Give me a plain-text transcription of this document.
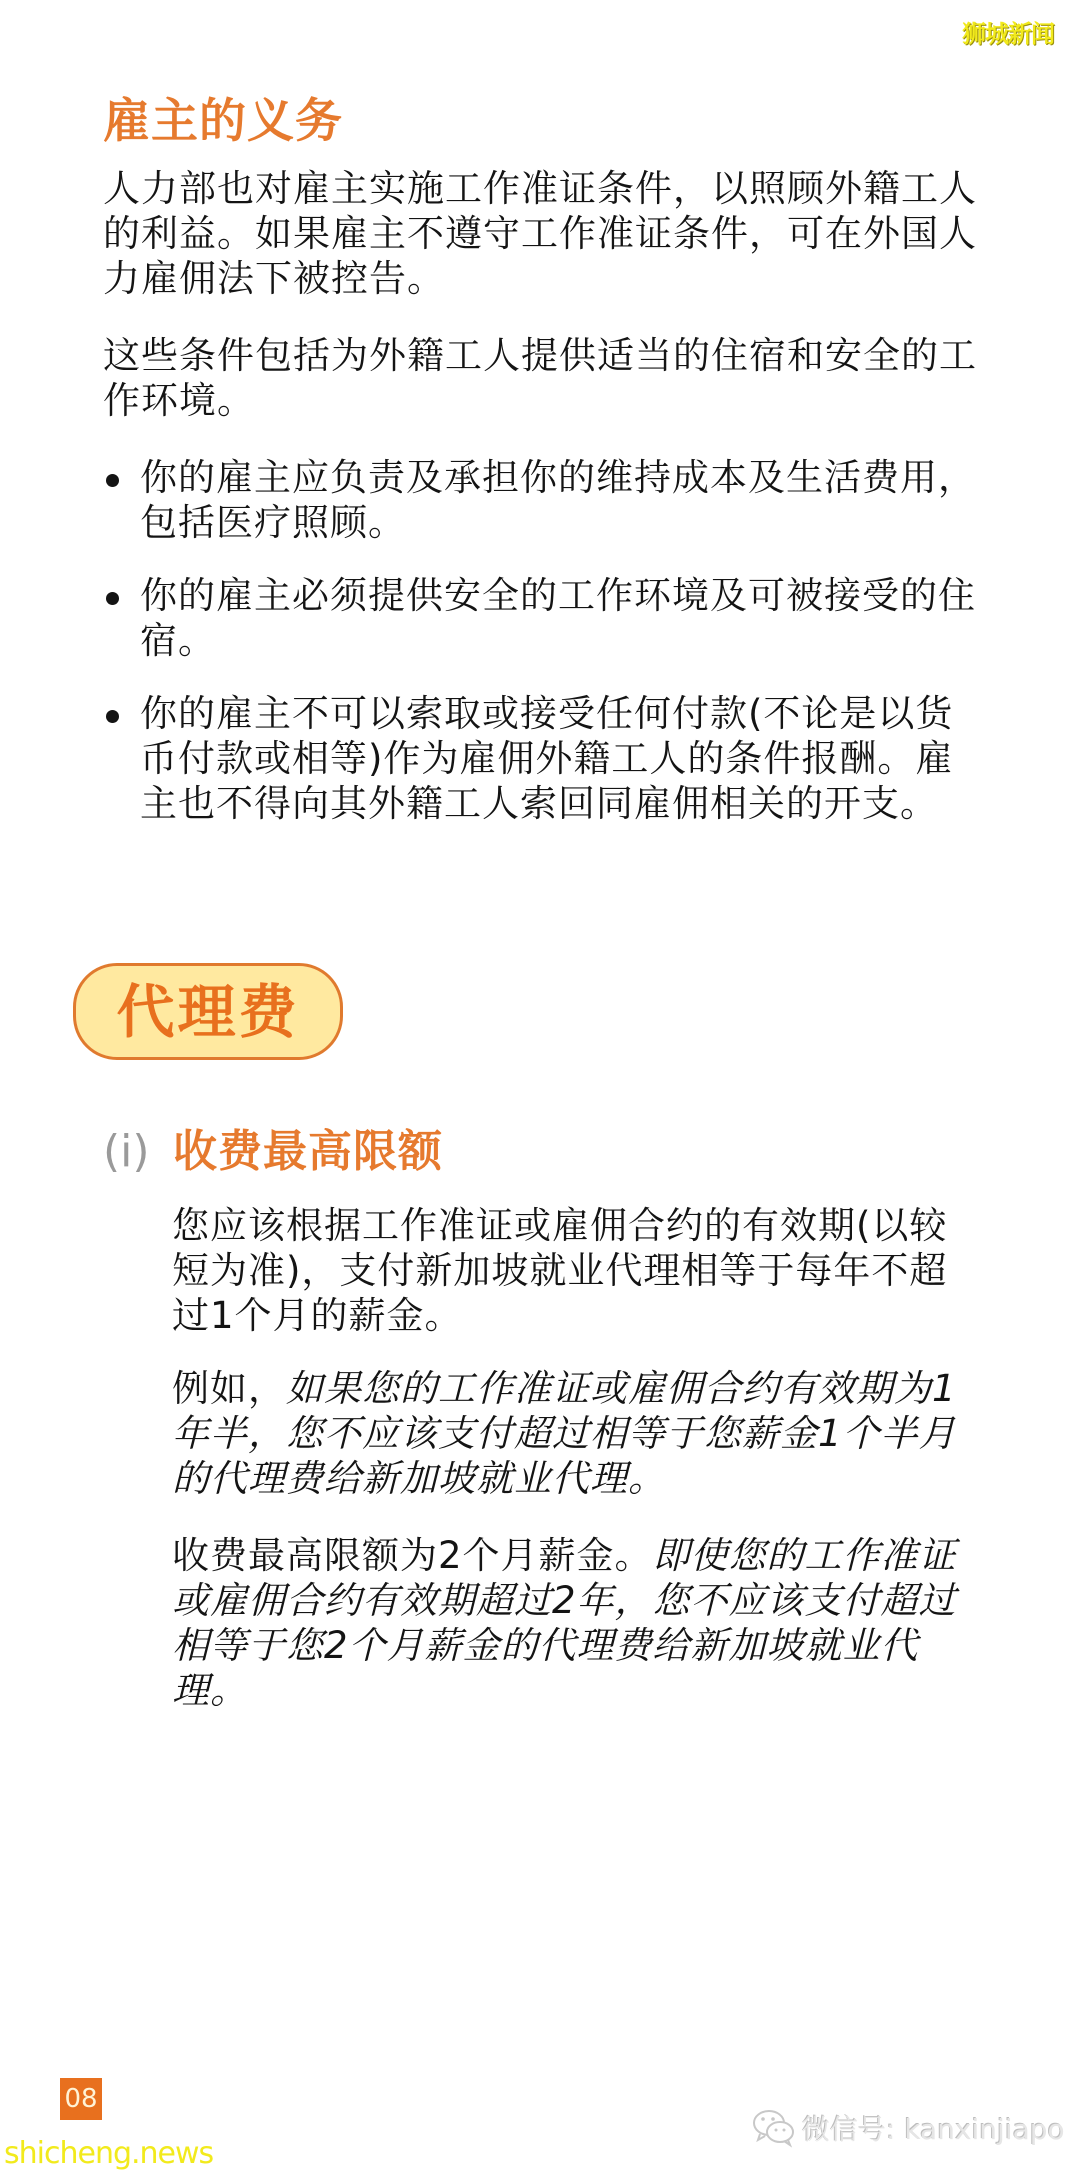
狮城新闻
雇主的义务

人力部也对雇主实施工作准证条件，以照顾外籍工人的利益。如果雇主不遵守工作准证条件，可在外国人力雇佣法下被控告。

这些条件包括为外籍工人提供适当的住宿和安全的工作环境。

你的雇主应负责及承担你的维持成本及生活费用，包括医疗照顾。
你的雇主必须提供安全的工作环境及可被接受的住宿。
你的雇主不可以索取或接受任何付款(不论是以货币付款或相等)作为雇佣外籍工人的条件报酬。雇主也不得向其外籍工人索回同雇佣相关的开支。
代理费
(i) 收费最高限额

您应该根据工作准证或雇佣合约的有效期(以较短为准)，支付新加坡就业代理相等于每年不超过1个月的薪金。

例如，如果您的工作准证或雇佣合约有效期为1年半，您不应该支付超过相等于您薪金1个半月的代理费给新加坡就业代理。

收费最高限额为2个月薪金。即使您的工作准证或雇佣合约有效期超过2年，您不应该支付超过相等于您2个月薪金的代理费给新加坡就业代理。

08
shicheng.news
微信号: kanxinjiapo
